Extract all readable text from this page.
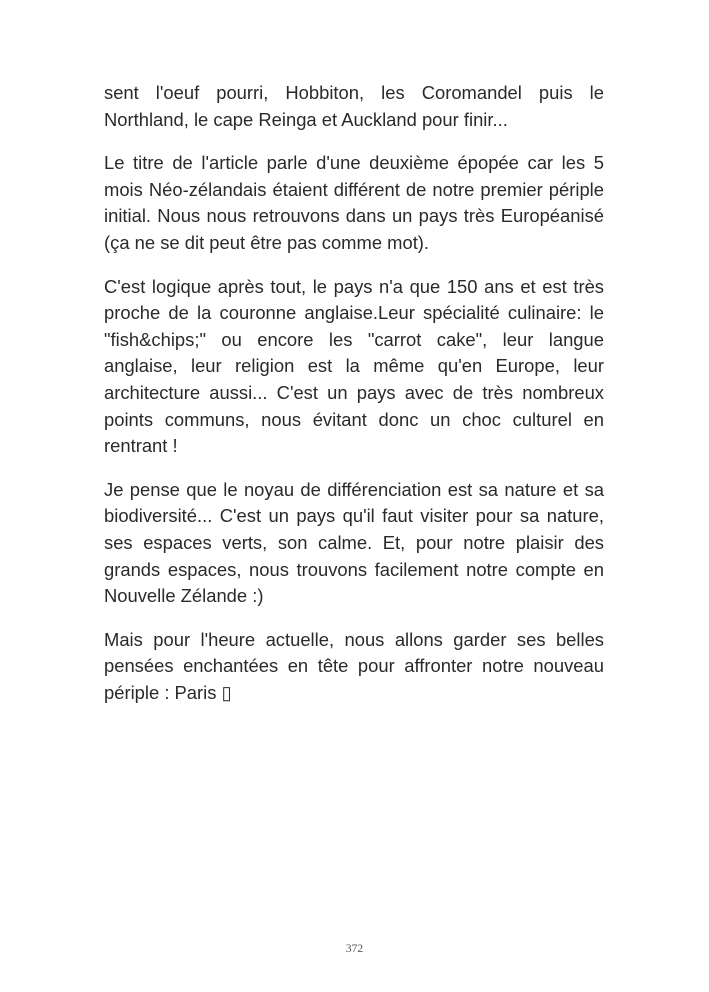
sent l'oeuf pourri, Hobbiton, les Coromandel puis le Northland, le cape Reinga et Auckland pour finir...

Le titre de l'article parle d'une deuxième épopée car les 5 mois Néo-zélandais étaient différent de notre premier périple initial. Nous nous retrouvons dans un pays très Européanisé (ça ne se dit peut être pas comme mot).

C'est logique après tout, le pays n'a que 150 ans et est très proche de la couronne anglaise.Leur spécialité culinaire: le "fish&chips;" ou encore les "carrot cake", leur langue anglaise, leur religion est la même qu'en Europe, leur architecture aussi... C'est un pays avec de très nombreux points communs, nous évitant donc un choc culturel en rentrant !

Je pense que le noyau de différenciation est sa nature et sa biodiversité... C'est un pays qu'il faut visiter pour sa nature, ses espaces verts, son calme. Et, pour notre plaisir des grands espaces, nous trouvons facilement notre compte en Nouvelle Zélande :)

Mais pour l'heure actuelle, nous allons garder ses belles pensées enchantées en tête pour affronter notre nouveau périple : Paris ▯

372
